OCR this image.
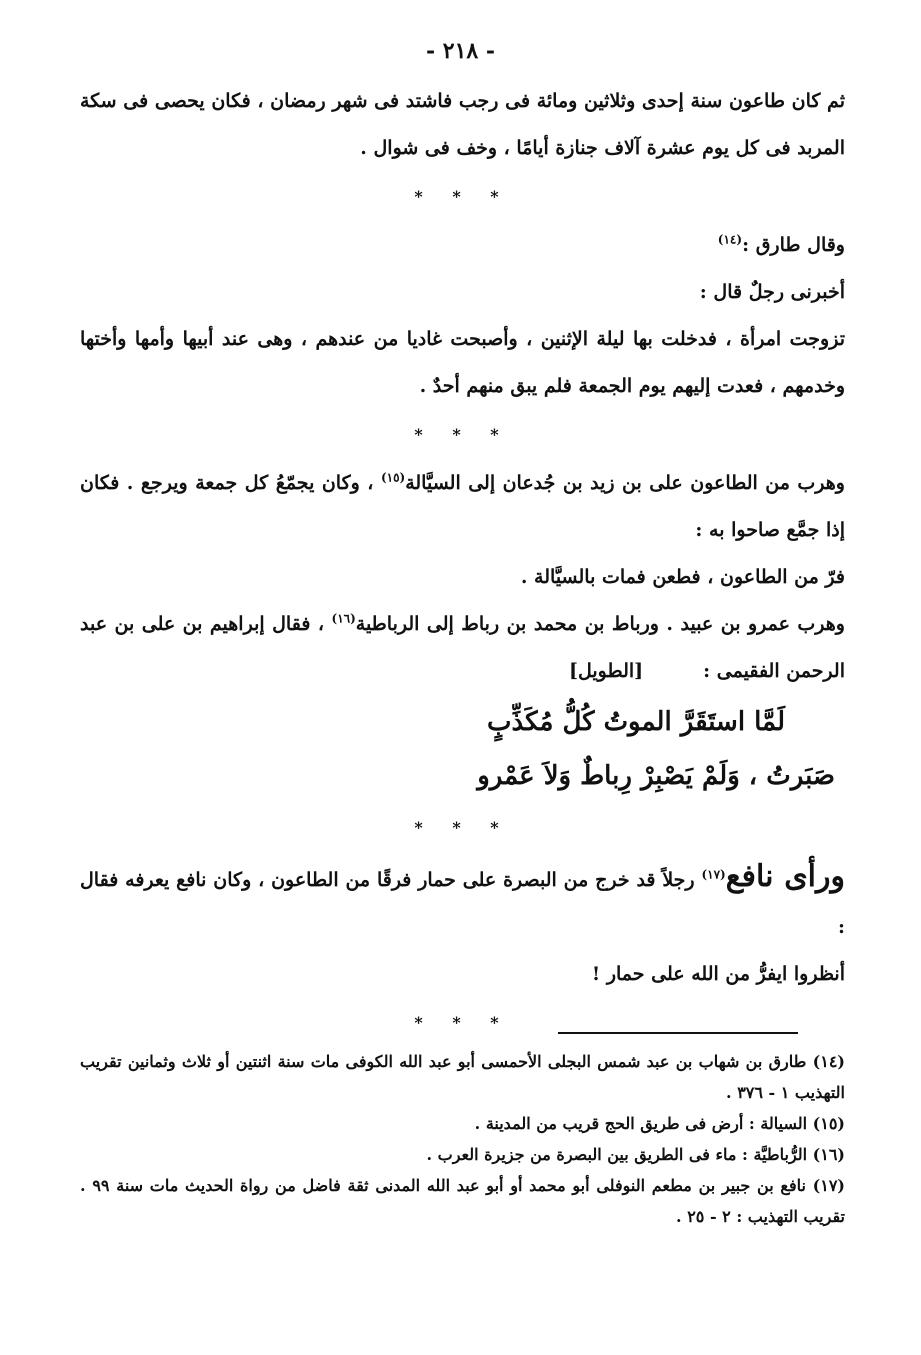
- ٢١٨ -

ثم كان طاعون سنة إحدى وثلاثين ومائة فى رجب فاشتد فى شهر رمضان ، فكان يحصى فى سكة المربد فى كل يوم عشرة آلاف جنازة أيامًا ، وخف فى شوال .

* * *

وقال طارق :$^{(١٤)}$

أخبرنى رجلٌ قال :

تزوجت امرأة ، فدخلت بها ليلة الإثنين ، وأصبحت غاديا من عندهم ، وهى عند أبيها وأمها وأختها وخدمهم ، فعدت إليهم يوم الجمعة فلم يبق منهم أحدٌ .

* * *

وهرب من الطاعون على بن زيد بن جُدعان إلى السيَّالة$^{(١٥)}$ ، وكان يجمّعُ كل جمعة ويرجع . فكان إذا جمَّع صاحوا به :

فرّ من الطاعون ، فطعن فمات بالسيَّالة .

وهرب عمرو بن عبيد . ورباط بن محمد بن رباط إلى الرباطية$^{(١٦)}$ ، فقال إبراهيم بن على بن عبد الرحمن الفقيمى :[الطويل]

لَمَّا استَقَرَّ الموتُ كُلُّ مُكَذِّبٍ
صَبَرتُ ، وَلَمْ يَصْبِرْ رِباطٌ وَلاَ عَمْرو
* * *

ورأى نافع$^{(١٧)}$ رجلاً قد خرج من البصرة على حمار فرقًا من الطاعون ، وكان نافع يعرفه فقال :

أنظروا ايفرُّ من الله على حمار !

* * *

(١٤) طارق بن شهاب بن عبد شمس البجلى الأحمسى أبو عبد الله الكوفى مات سنة اثنتين أو ثلاث وثمانين تقريب التهذيب ١ - ٣٧٦ .

(١٥) السيالة : أرض فى طريق الحج قريب من المدينة .

(١٦) الرُّباطيَّة : ماء فى الطريق بين البصرة من جزيرة العرب .

(١٧) نافع بن جبير بن مطعم النوفلى أبو محمد أو أبو عبد الله المدنى ثقة فاضل من رواة الحديث مات سنة ٩٩ . تقريب التهذيب : ٢ - ٢٥ .
